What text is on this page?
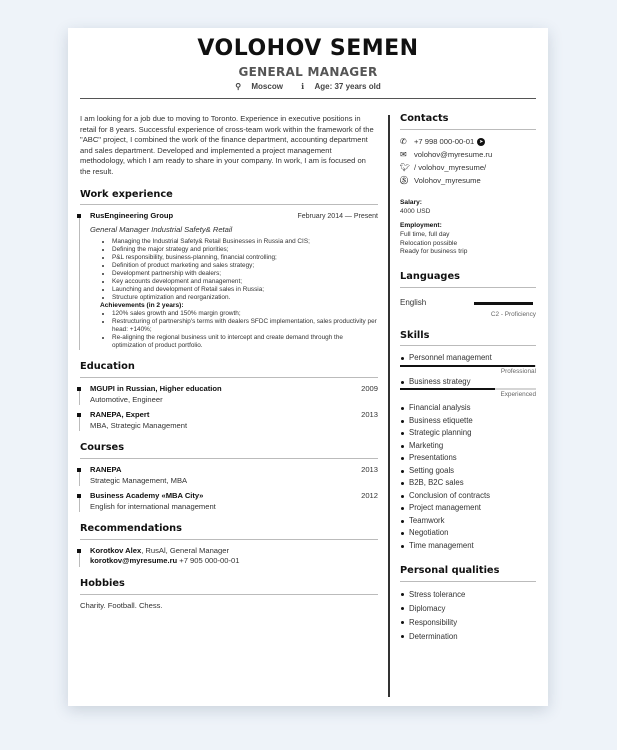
VOLOHOV SEMEN
GENERAL MANAGER
⚲ Moscow ℹ Age: 37 years old
I am looking for a job due to moving to Toronto. Experience in executive positions in retail for 8 years. Successful experience of cross-team work within the framework of the "ABC" project, I combined the work of the finance department, accounting department and sales department. Developed and implemented a project management methodology, which I am ready to share in your company. In work, I am is focused on the result.
Work experience
RusEngineering Group	February 2014 — Present
General Manager Industrial Safety& Retail
• Managing the Industrial Safety& Retail Businesses in Russia and CIS;
• Defining the major strategy and priorities;
• P&L responsibility, business-planning, financial controlling;
• Definition of product marketing and sales strategy;
• Development partnership with dealers;
• Key accounts development and management;
• Launching and development of Retail sales in Russia;
• Structure optimization and reorganization.
Achievements (in 2 years):
• 120% sales growth and 150% margin growth;
• Restructuring of partnership's terms with dealers SFDC implementation, sales productivity per head: +140%;
• Re-aligning the regional business unit to intercept and create demand through the optimization of product portfolio.
Education
MGUPI in Russian, Higher education	2009
Automotive, Engineer
RANEPA, Expert	2013
MBA, Strategic Management
Courses
RANEPA	2013
Strategic Management, MBA
Business Academy «MBA City»	2012
English for international management
Recommendations
Korotkov Alex, RusAl, General Manager
korotkov@myresume.ru +7 905 000-00-01
Hobbies
Charity. Football. Chess.
Contacts
✆ +7 998 000-00-01 ➤
✉ volohov@myresume.ru
🐦︎ / volohov_myresume/
Ⓢ Volohov_myresume
Salary:
4000 USD
Employment:
Full time, full day
Relocation possible
Ready for business trip
Languages
English
C2 - Proficiency
Skills
Personnel management
Professional
Business strategy
Experienced
Financial analysis
Business etiquette
Strategic planning
Marketing
Presentations
Setting goals
B2B, B2C sales
Conclusion of contracts
Project management
Teamwork
Negotiation
Time management
Personal qualities
Stress tolerance
Diplomacy
Responsibility
Determination
